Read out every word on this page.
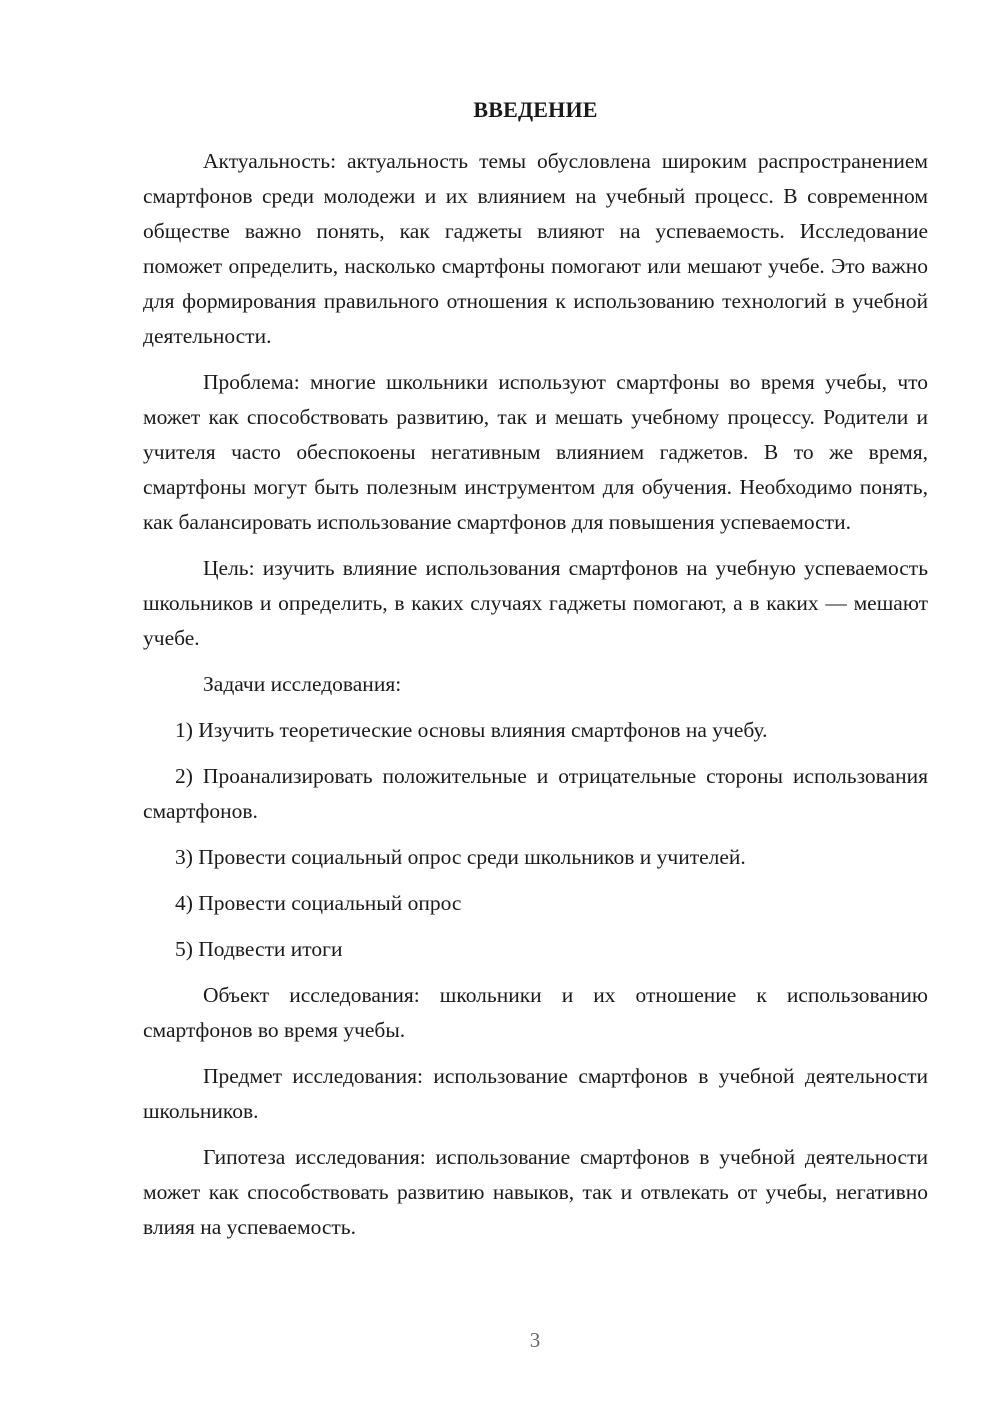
ВВЕДЕНИЕ

Актуальность: актуальность темы обусловлена широким распространением смартфонов среди молодежи и их влиянием на учебный процесс. В современном обществе важно понять, как гаджеты влияют на успеваемость. Исследование поможет определить, насколько смартфоны помогают или мешают учебе. Это важно для формирования правильного отношения к использованию технологий в учебной деятельности.

Проблема: многие школьники используют смартфоны во время учебы, что может как способствовать развитию, так и мешать учебному процессу. Родители и учителя часто обеспокоены негативным влиянием гаджетов. В то же время, смартфоны могут быть полезным инструментом для обучения. Необходимо понять, как балансировать использование смартфонов для повышения успеваемости.

Цель: изучить влияние использования смартфонов на учебную успеваемость школьников и определить, в каких случаях гаджеты помогают, а в каких — мешают учебе.

Задачи исследования:

1) Изучить теоретические основы влияния смартфонов на учебу.

2) Проанализировать положительные и отрицательные стороны использования смартфонов.

3) Провести социальный опрос среди школьников и учителей.

4) Провести социальный опрос

5) Подвести итоги

Объект исследования: школьники и их отношение к использованию смартфонов во время учебы.

Предмет исследования: использование смартфонов в учебной деятельности школьников.

Гипотеза исследования: использование смартфонов в учебной деятельности может как способствовать развитию навыков, так и отвлекать от учебы, негативно влияя на успеваемость.

3
